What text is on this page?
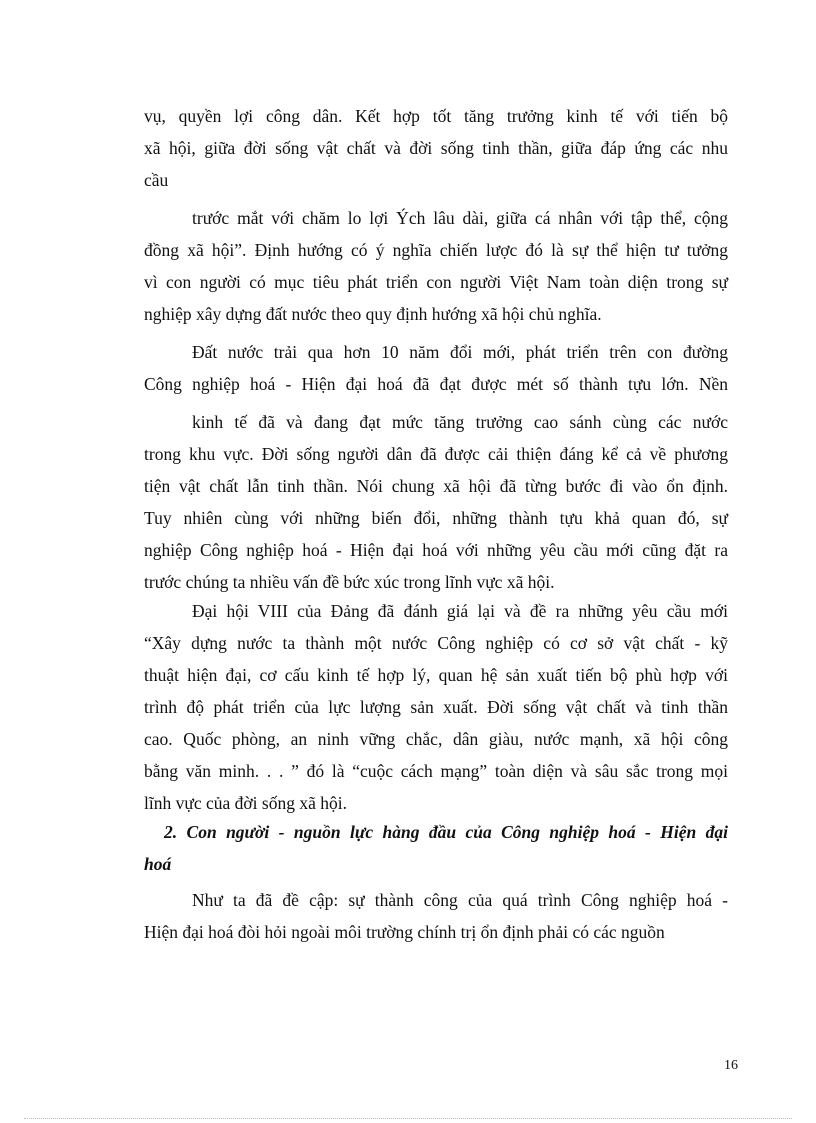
vụ, quyền lợi công dân. Kết hợp tốt tăng trưởng kinh tế với tiến bộ
xã hội, giữa đời sống vật chất và đời sống tinh thần, giữa đáp ứng các nhu
cầu

trước mắt với chăm lo lợi Ých lâu dài, giữa cá nhân với tập thể, cộng
đồng xã hội”. Định hướng có ý nghĩa chiến lược đó là sự thể hiện tư tưởng
vì con người có mục tiêu phát triển con người Việt Nam toàn diện trong sự
nghiệp xây dựng đất nước theo quy định hướng xã hội chủ nghĩa.

Đất nước trải qua hơn 10 năm đổi mới, phát triển trên con đường
Công nghiệp hoá - Hiện đại hoá đã đạt được mét số thành tựu lớn. Nền

kinh tế đã và đang đạt mức tăng trưởng cao sánh cùng các nước
trong khu vực. Đời sống người dân đã được cải thiện đáng kể cả về phương
tiện vật chất lẫn tinh thần. Nói chung xã hội đã từng bước đi vào ổn định.
Tuy nhiên cùng với những biến đổi, những thành tựu khả quan đó, sự
nghiệp Công nghiệp hoá - Hiện đại hoá với những yêu cầu mới cũng đặt ra
trước chúng ta nhiều vấn đề bức xúc trong lĩnh vực xã hội.

Đại hội VIII của Đảng đã đánh giá lại và đề ra những yêu cầu mới
“Xây dựng nước ta thành một nước Công nghiệp có cơ sở vật chất - kỹ
thuật hiện đại, cơ cấu kinh tế hợp lý, quan hệ sản xuất tiến bộ phù hợp với
trình độ phát triển của lực lượng sản xuất. Đời sống vật chất và tinh thần
cao. Quốc phòng, an ninh vững chắc, dân giàu, nước mạnh, xã hội công
bằng văn minh. . . ” đó là “cuộc cách mạng” toàn diện và sâu sắc trong mọi
lĩnh vực của đời sống xã hội.

2. Con người - nguồn lực hàng đầu của Công nghiệp hoá - Hiện đại
hoá

Như ta đã đề cập: sự thành công của quá trình Công nghiệp hoá -
Hiện đại hoá đòi hỏi ngoài môi trường chính trị ổn định phải có các nguồn

16
